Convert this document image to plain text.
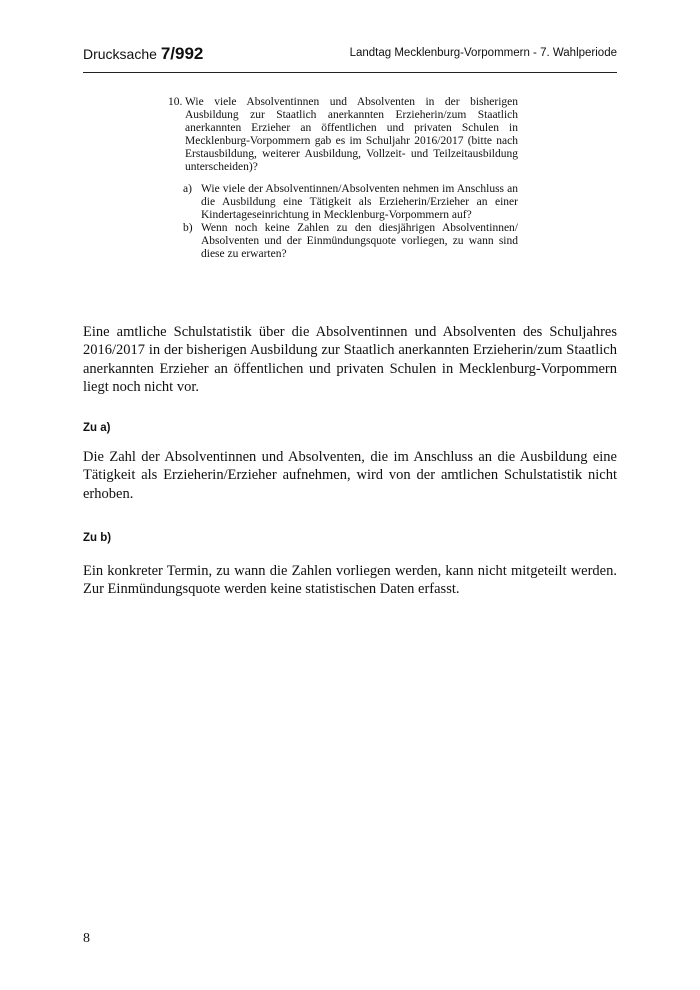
Drucksache 7/992	Landtag Mecklenburg-Vorpommern - 7. Wahlperiode
10. Wie viele Absolventinnen und Absolventen in der bisherigen Ausbildung zur Staatlich anerkannten Erzieherin/zum Staatlich anerkannten Erzieher an öffentlichen und privaten Schulen in Mecklenburg-Vorpommern gab es im Schuljahr 2016/2017 (bitte nach Erstausbildung, weiterer Ausbildung, Vollzeit- und Teilzeitausbildung unterscheiden)?
a) Wie viele der Absolventinnen/Absolventen nehmen im Anschluss an die Ausbildung eine Tätigkeit als Erzieherin/Erzieher an einer Kindertageseinrichtung in Mecklenburg-Vorpommern auf?
b) Wenn noch keine Zahlen zu den diesjährigen Absolventinnen/ Absolventen und der Einmündungsquote vorliegen, zu wann sind diese zu erwarten?

Eine amtliche Schulstatistik über die Absolventinnen und Absolventen des Schuljahres 2016/2017 in der bisherigen Ausbildung zur Staatlich anerkannten Erzieherin/zum Staatlich anerkannten Erzieher an öffentlichen und privaten Schulen in Mecklenburg-Vorpommern liegt noch nicht vor.

Zu a)

Die Zahl der Absolventinnen und Absolventen, die im Anschluss an die Ausbildung eine Tätigkeit als Erzieherin/Erzieher aufnehmen, wird von der amtlichen Schulstatistik nicht erhoben.

Zu b)

Ein konkreter Termin, zu wann die Zahlen vorliegen werden, kann nicht mitgeteilt werden. Zur Einmündungsquote werden keine statistischen Daten erfasst.

8
